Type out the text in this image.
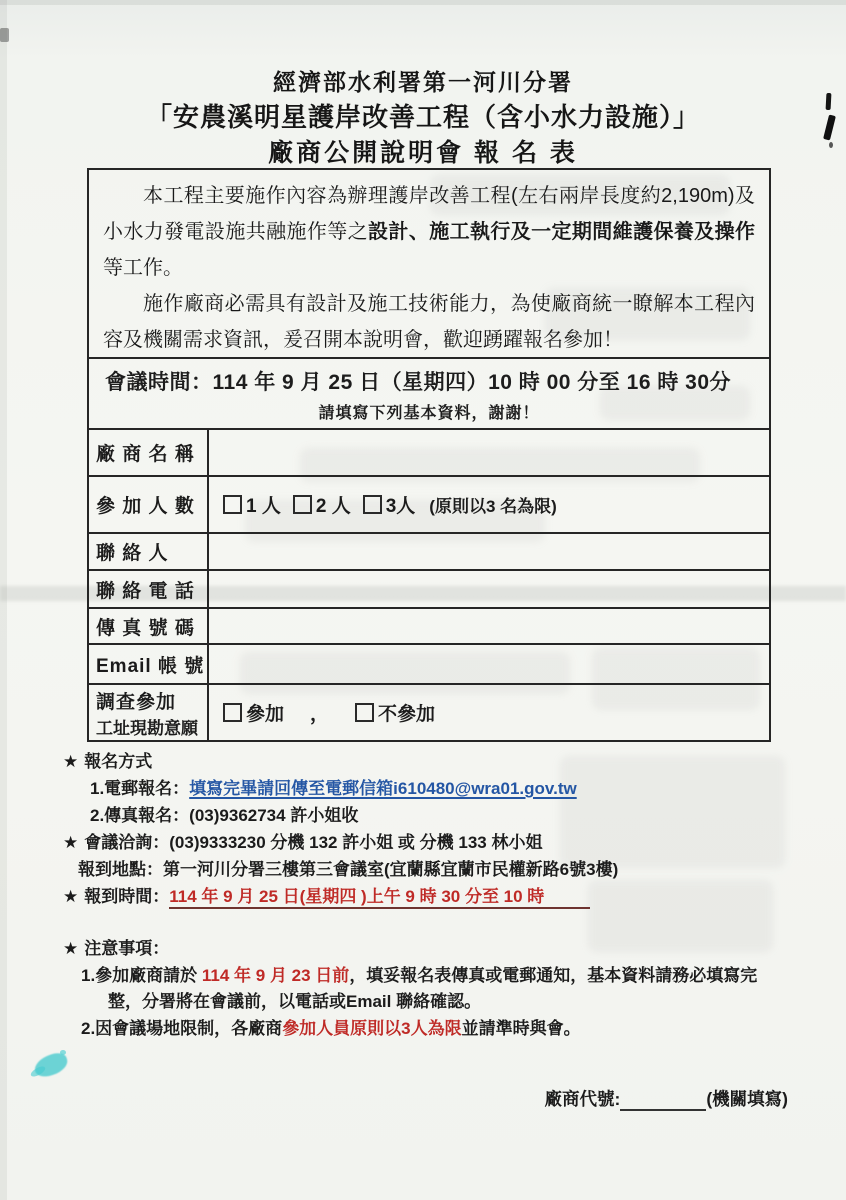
經濟部水利署第一河川分署
「安農溪明星護岸改善工程（含小水力設施）」
廠商公開說明會 報 名 表

本工程主要施作內容為辦理護岸改善工程(左右兩岸長度約2,190m)及小水力發電設施共融施作等之設計、施工執行及一定期間維護保養及操作等工作。

施作廠商必需具有設計及施工技術能力，為使廠商統一瞭解本工程內容及機關需求資訊，爰召開本說明會，歡迎踴躍報名參加！

會議時間：114 年 9 月 25 日（星期四）10 時 00 分至 16 時 30分
請填寫下列基本資料，謝謝！
廠 商 名 稱
參 加 人 數	1 人	2 人	3人 (原則以3 名為限)
聯 絡 人
聯 絡 電 話
傳 真 號 碼
Email 帳 號
調查參加
工址現勘意願
參加 ，	不參加
★ 報名方式
1.電郵報名：填寫完畢請回傳至電郵信箱i610480@wra01.gov.tw
2.傳真報名：(03)9362734 許小姐收
★ 會議洽詢：(03)9333230 分機 132 許小姐 或 分機 133 林小姐
報到地點：第一河川分署三樓第三會議室(宜蘭縣宜蘭市民權新路6號3樓)
★ 報到時間：114 年 9 月 25 日(星期四 )上午 9 時 30 分至 10 時
★ 注意事項：
1.參加廠商請於 114 年 9 月 23 日前，填妥報名表傳真或電郵通知，基本資料請務必填寫完整，分署將在會議前，以電話或Email 聯絡確認。
2.因會議場地限制，各廠商參加人員原則以3人為限並請準時與會。
廠商代號:	(機關填寫)
